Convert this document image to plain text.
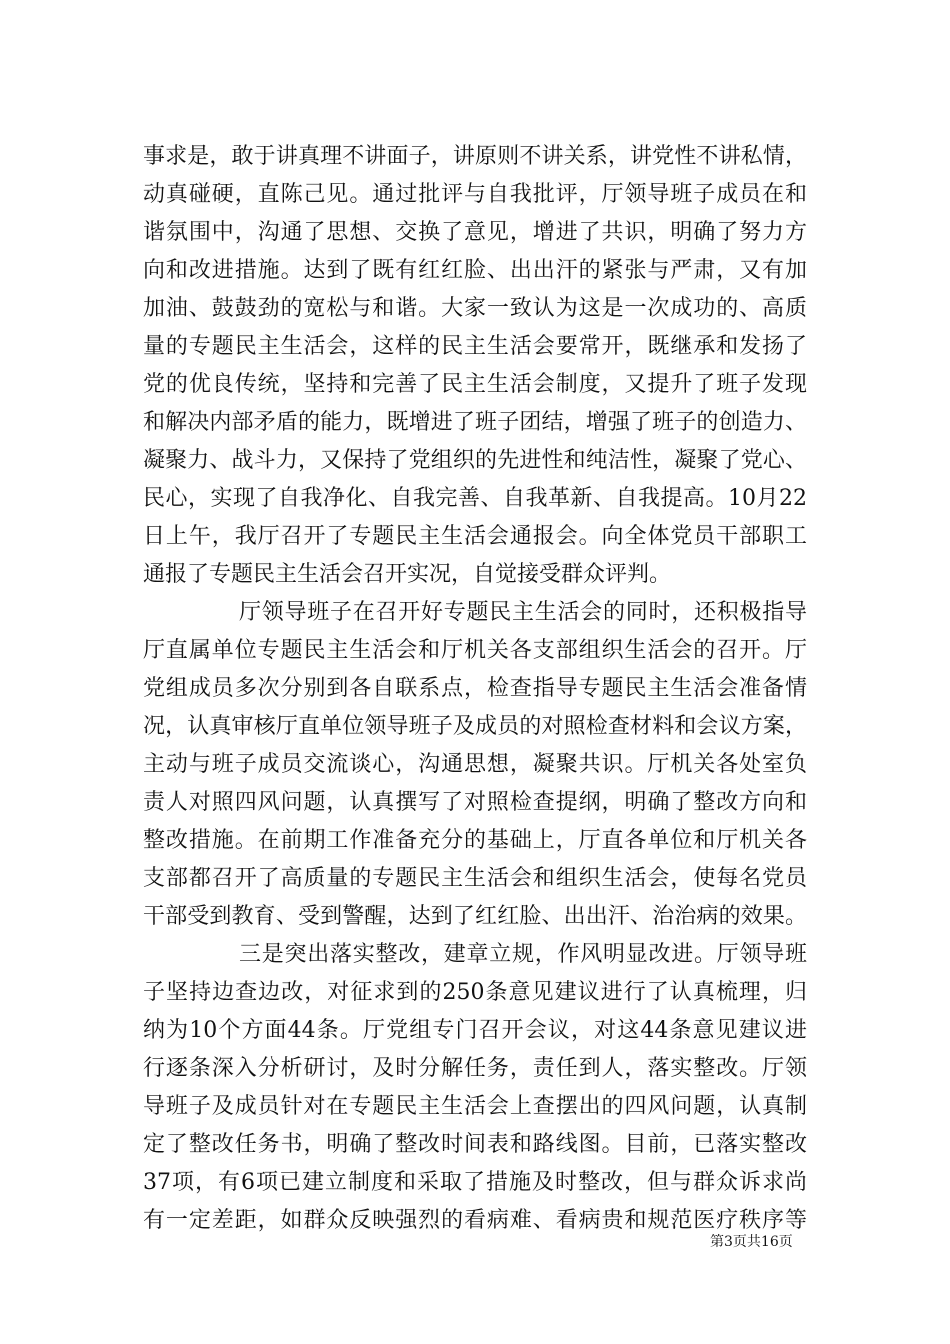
事求是，敢于讲真理不讲面子，讲原则不讲关系，讲党性不讲私情，
动真碰硬，直陈己见。通过批评与自我批评，厅领导班子成员在和
谐氛围中，沟通了思想、交换了意见，增进了共识，明确了努力方
向和改进措施。达到了既有红红脸、出出汗的紧张与严肃，又有加
加油、鼓鼓劲的宽松与和谐。大家一致认为这是一次成功的、高质
量的专题民主生活会，这样的民主生活会要常开，既继承和发扬了
党的优良传统，坚持和完善了民主生活会制度，又提升了班子发现
和解决内部矛盾的能力，既增进了班子团结，增强了班子的创造力、
凝聚力、战斗力，又保持了党组织的先进性和纯洁性，凝聚了党心、
民心，实现了自我净化、自我完善、自我革新、自我提高。10月22
日上午，我厅召开了专题民主生活会通报会。向全体党员干部职工
通报了专题民主生活会召开实况，自觉接受群众评判。
厅领导班子在召开好专题民主生活会的同时，还积极指导
厅直属单位专题民主生活会和厅机关各支部组织生活会的召开。厅
党组成员多次分别到各自联系点，检查指导专题民主生活会准备情
况，认真审核厅直单位领导班子及成员的对照检查材料和会议方案，
主动与班子成员交流谈心，沟通思想，凝聚共识。厅机关各处室负
责人对照四风问题，认真撰写了对照检查提纲，明确了整改方向和
整改措施。在前期工作准备充分的基础上，厅直各单位和厅机关各
支部都召开了高质量的专题民主生活会和组织生活会，使每名党员
干部受到教育、受到警醒，达到了红红脸、出出汗、治治病的效果。
三是突出落实整改，建章立规，作风明显改进。厅领导班
子坚持边查边改，对征求到的250条意见建议进行了认真梳理，归
纳为10个方面44条。厅党组专门召开会议，对这44条意见建议进
行逐条深入分析研讨，及时分解任务，责任到人，落实整改。厅领
导班子及成员针对在专题民主生活会上查摆出的四风问题，认真制
定了整改任务书，明确了整改时间表和路线图。目前，已落实整改
37项，有6项已建立制度和采取了措施及时整改，但与群众诉求尚
有一定差距，如群众反映强烈的看病难、看病贵和规范医疗秩序等
第3页共16页
